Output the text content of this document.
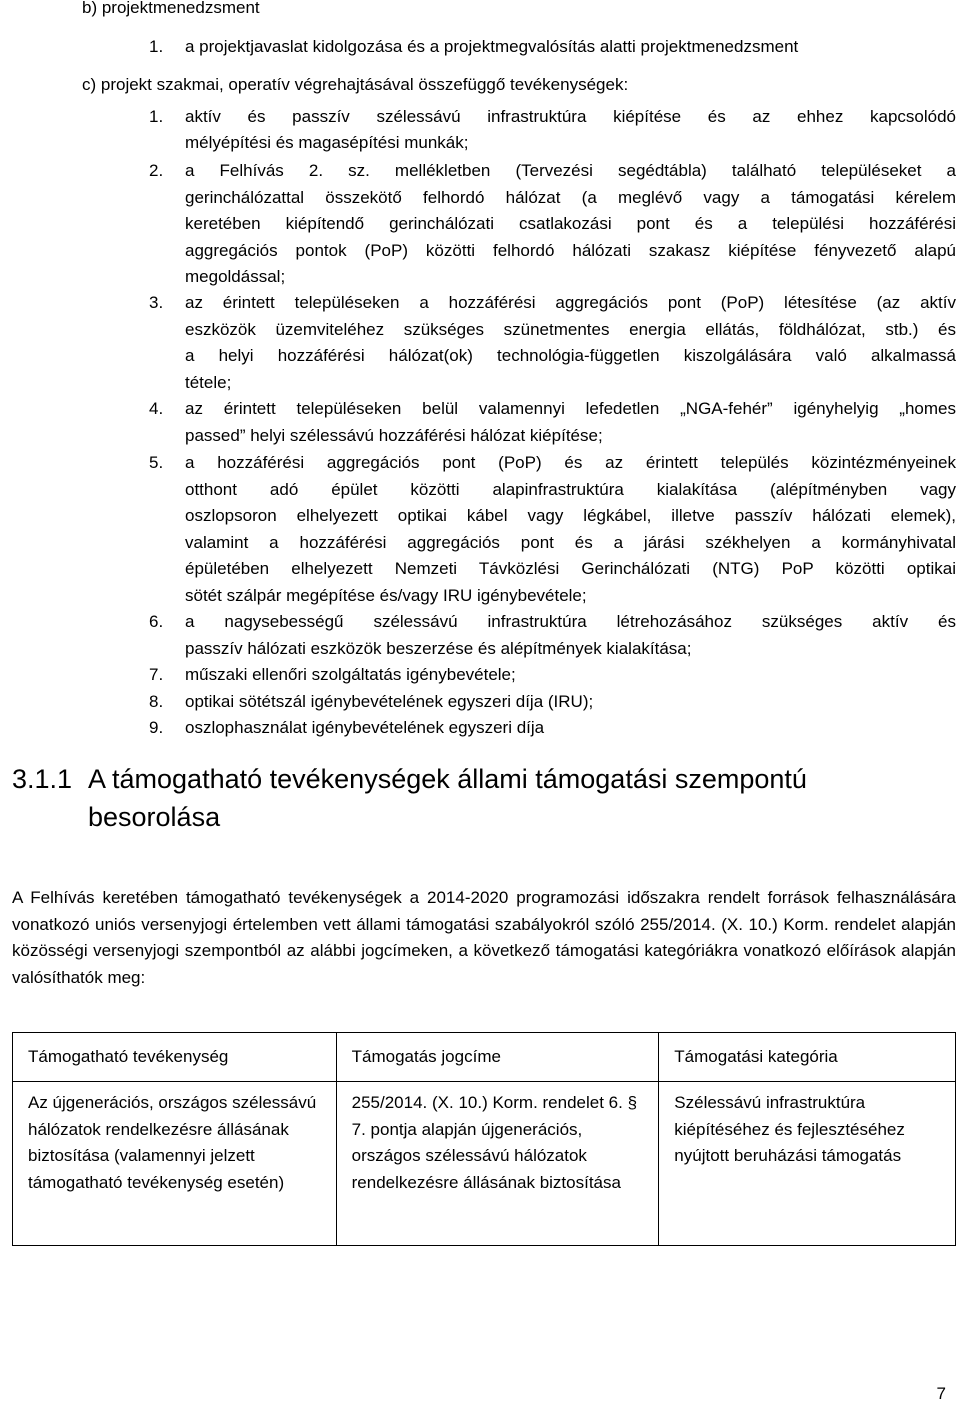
b) projektmenedzsment

1.	a projektjavaslat kidolgozása és a projektmegvalósítás alatti projektmenedzsment

c) projekt szakmai, operatív végrehajtásával összefüggő tevékenységek:

1.	aktív és passzív szélessávú infrastruktúra kiépítése és az ehhez kapcsolódó

mélyépítési és magasépítési munkák;

2.	a Felhívás 2. sz. mellékletben (Tervezési segédtábla) található településeket a

gerinchálózattal összekötő felhordó hálózat (a meglévő vagy a támogatási kérelem

keretében kiépítendő gerinchálózati csatlakozási pont és a települési hozzáférési

aggregációs pontok (PoP) közötti felhordó hálózati szakasz kiépítése fényvezető alapú

megoldással;

3.	az érintett településeken a hozzáférési aggregációs pont (PoP) létesítése (az aktív

eszközök üzemviteléhez szükséges szünetmentes energia ellátás, földhálózat, stb.) és

a helyi hozzáférési hálózat(ok) technológia-független kiszolgálására való alkalmassá

tétele;

4.	az érintett településeken belül valamennyi lefedetlen „NGA-fehér” igényhelyig „homes

passed” helyi szélessávú hozzáférési hálózat kiépítése;

5.	a hozzáférési aggregációs pont (PoP) és az érintett település közintézményeinek

otthont adó épület közötti alapinfrastruktúra kialakítása (alépítményben vagy

oszlopsoron elhelyezett optikai kábel vagy légkábel, illetve passzív hálózati elemek),

valamint a hozzáférési aggregációs pont és a járási székhelyen a kormányhivatal

épületében elhelyezett Nemzeti Távközlési Gerinchálózati (NTG) PoP közötti optikai

sötét szálpár megépítése és/vagy IRU igénybevétele;

6.	a nagysebességű szélessávú infrastruktúra létrehozásához szükséges aktív és

passzív hálózati eszközök beszerzése és alépítmények kialakítása;

7.	műszaki ellenőri szolgáltatás igénybevétele;

8.	optikai sötétszál igénybevételének egyszeri díja (IRU);

9.	oszlophasználat igénybevételének egyszeri díja

3.1.1 A támogatható tevékenységek állami támogatási szempontú
besorolása

A Felhívás keretében támogatható tevékenységek a 2014-2020 programozási időszakra rendelt források felhasználására vonatkozó uniós versenyjogi értelemben vett állami támogatási szabályokról szóló 255/2014. (X. 10.) Korm. rendelet alapján közösségi versenyjogi szempontból az alábbi jogcímeken, a következő támogatási kategóriákra vonatkozó előírások alapján valósíthatók meg:

Támogatható tevékenység	Támogatás jogcíme	Támogatási kategória
Az újgenerációs, országos szélessávú hálózatok rendelkezésre állásának biztosítása (valamennyi jelzett támogatható tevékenység esetén)	255/2014. (X. 10.) Korm. rendelet 6. § 7. pontja alapján újgenerációs, országos szélessávú hálózatok rendelkezésre állásának biztosítása	Szélessávú infrastruktúra kiépítéséhez és fejlesztéséhez nyújtott beruházási támogatás
7
